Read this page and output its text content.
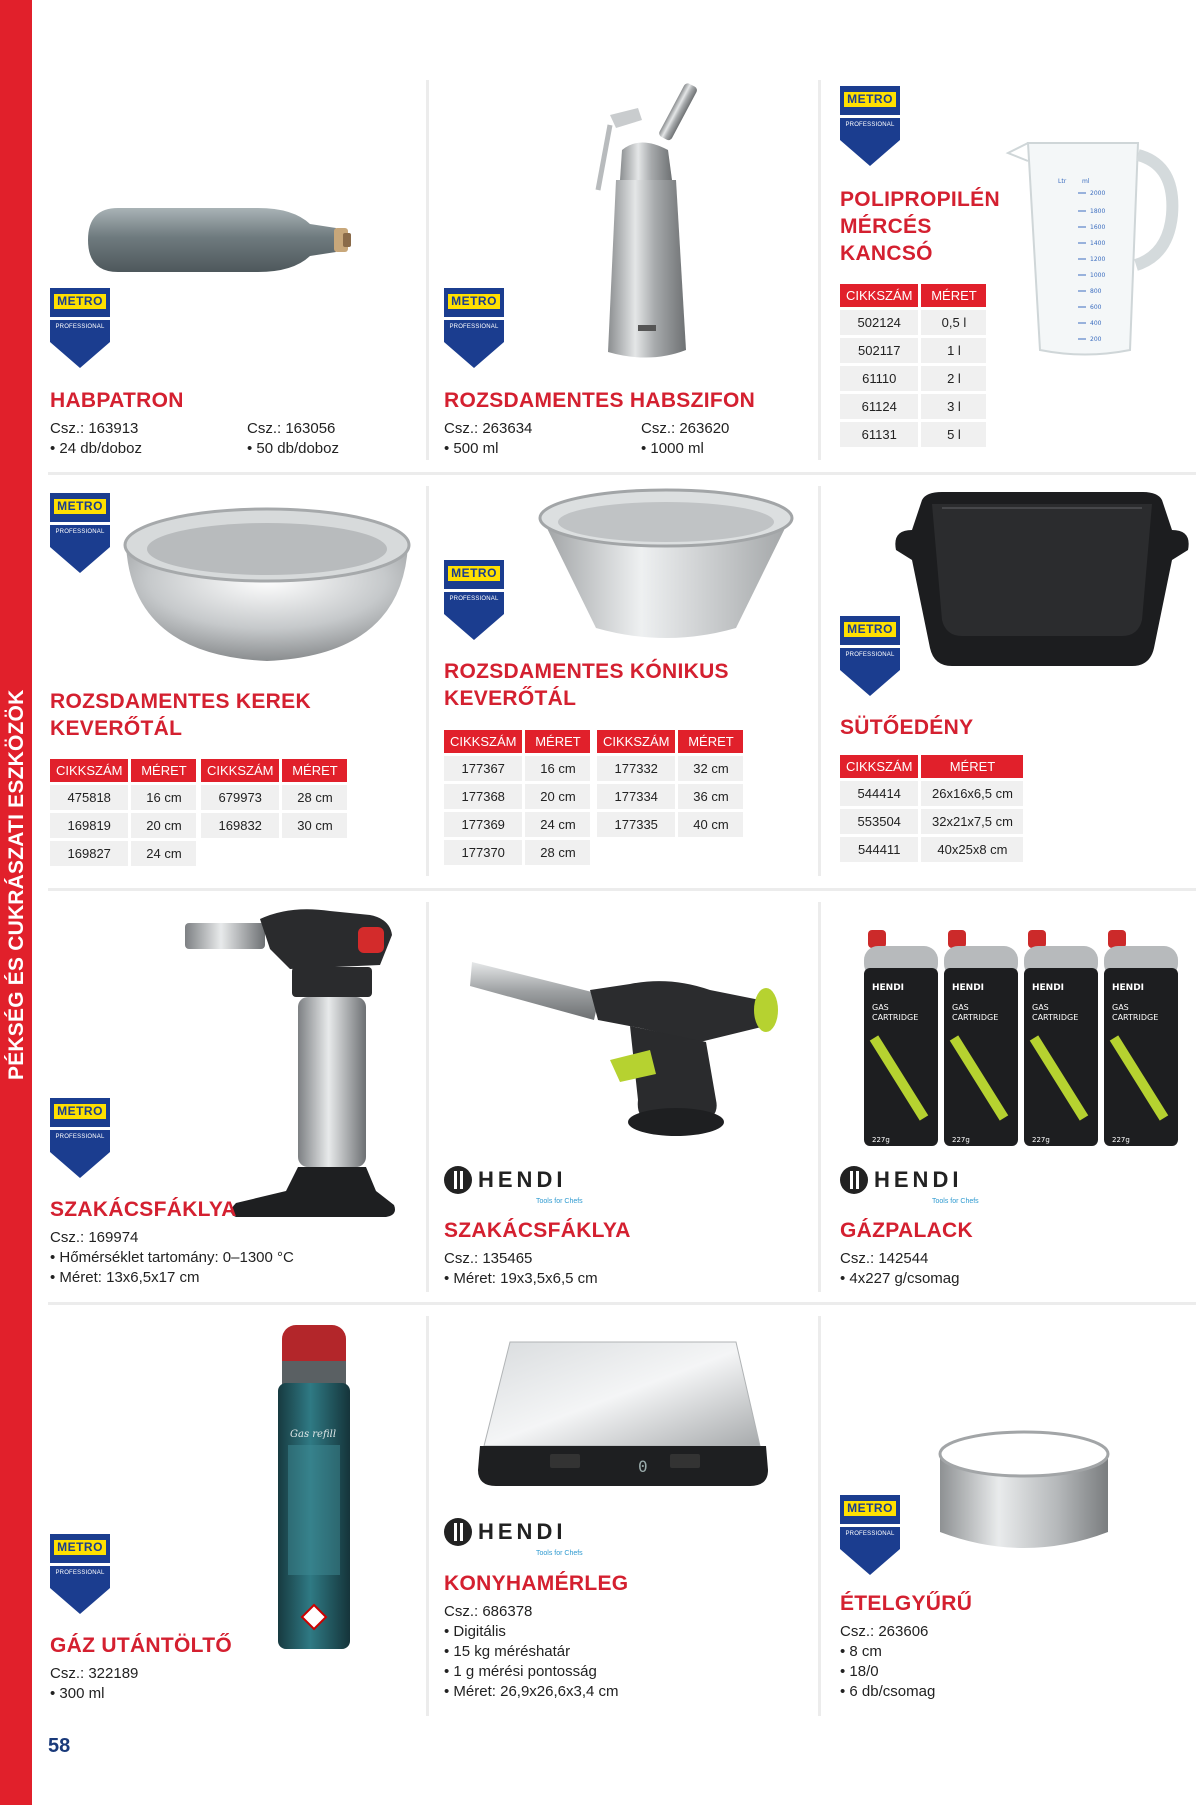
PÉKSÉG ÉS CUKRÁSZATI ESZKÖZÖK
58
METRO
PROFESSIONAL
HABPATRON
Csz.: 163913
• 24 db/doboz
Csz.: 163056
• 50 db/doboz
METRO
PROFESSIONAL
ROZSDAMENTES HABSZIFON
Csz.: 263634
• 500 ml
Csz.: 263620
• 1000 ml
METRO
PROFESSIONAL
Ltr	ml
2000
1800
1600
1400
1200
1000
800
600
400
200
POLIPROPILÉN
MÉRCÉS
KANCSÓ
CIKKSZÁM	MÉRET
502124	0,5 l
502117	1 l
61110	2 l
61124	3 l
61131	5 l
METRO
PROFESSIONAL
ROZSDAMENTES KEREK
KEVERŐTÁL
CIKKSZÁM	MÉRET
475818	16 cm
169819	20 cm
169827	24 cm
CIKKSZÁM	MÉRET
679973	28 cm
169832	30 cm
METRO
PROFESSIONAL
ROZSDAMENTES KÓNIKUS
KEVERŐTÁL
CIKKSZÁM	MÉRET
177367	16 cm
177368	20 cm
177369	24 cm
177370	28 cm
CIKKSZÁM	MÉRET
177332	32 cm
177334	36 cm
177335	40 cm
METRO
PROFESSIONAL
SÜTŐEDÉNY
CIKKSZÁM	MÉRET
544414	26x16x6,5 cm
553504	32x21x7,5 cm
544411	40x25x8 cm
METRO
PROFESSIONAL
SZAKÁCSFÁKLYA
Csz.: 169974
• Hőmérséklet tartomány: 0–1300 °C
• Méret: 13x6,5x17 cm
HENDI
Tools for Chefs
SZAKÁCSFÁKLYA
Csz.: 135465
• Méret: 19x3,5x6,5 cm
HENDI
GAS
CARTRIDGE
227g
HENDI
GAS
CARTRIDGE
227g
HENDI
GAS
CARTRIDGE
227g
HENDI
GAS
CARTRIDGE
227g
HENDI
Tools for Chefs
GÁZPALACK
Csz.: 142544
• 4x227 g/csomag
Gas refill
METRO
PROFESSIONAL
GÁZ UTÁNTÖLTŐ
Csz.: 322189
• 300 ml
0
HENDI
Tools for Chefs
KONYHAMÉRLEG
Csz.: 686378
• Digitális
• 15 kg méréshatár
• 1 g mérési pontosság
• Méret: 26,9x26,6x3,4 cm
METRO
PROFESSIONAL
ÉTELGYŰRŰ
Csz.: 263606
• 8 cm
• 18/0
• 6 db/csomag
